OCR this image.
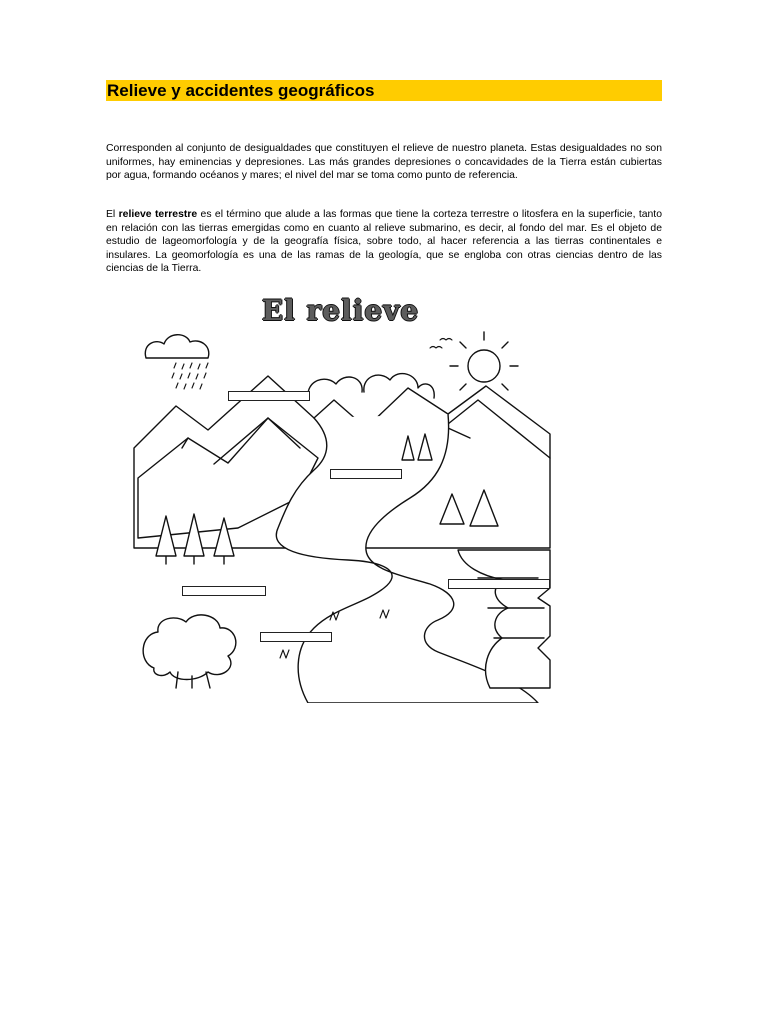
Relieve y accidentes geográficos

Corresponden al conjunto de desigualdades que constituyen el relieve de nuestro planeta. Estas desigualdades no son uniformes, hay eminencias y depresiones. Las más grandes depresiones o concavidades de la Tierra están cubiertas por agua, formando océanos y mares; el nivel del mar se toma como punto de referencia.

El relieve terrestre es el término que alude a las formas que tiene la corteza terrestre o litosfera en la superficie, tanto en relación con las tierras emergidas como en cuanto al relieve submarino, es decir, al fondo del mar. Es el objeto de estudio de lageomorfología y de la geografía física, sobre todo, al hacer referencia a las tierras continentales e insulares. La geomorfología es una de las ramas de la geología, que se engloba con otras ciencias dentro de las ciencias de la Tierra.

El relieve
